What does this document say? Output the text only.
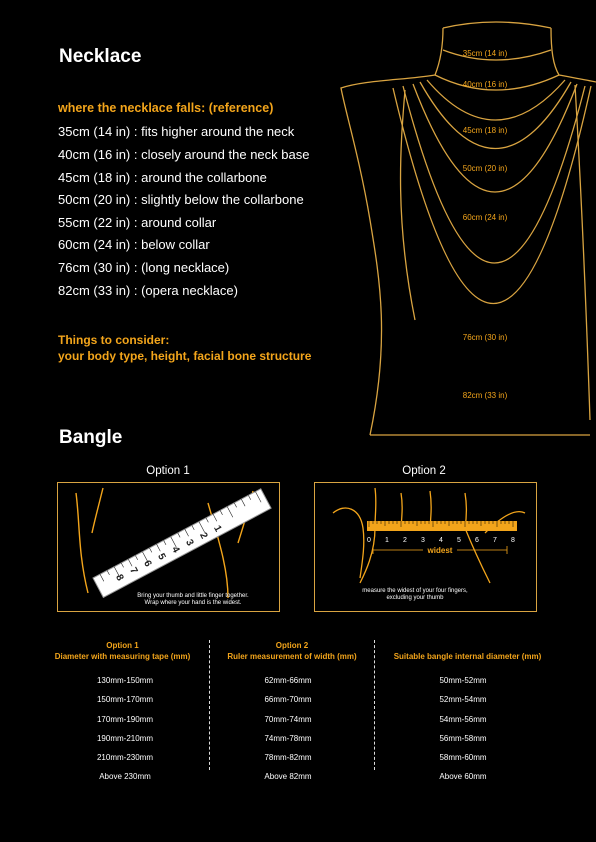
Necklace
where the necklace falls: (reference)
35cm (14 in) : fits higher around the neck
40cm (16 in) : closely around the neck base
45cm (18 in) : around the collarbone
50cm (20 in) : slightly below the collarbone
55cm (22 in) : around collar
60cm (24 in) : below collar
76cm (30 in) : (long necklace)
82cm (33 in) : (opera necklace)
Things to consider:
your body type, height, facial bone structure
35cm (14 in)
40cm (16 in)
45cm (18 in)
50cm (20 in)
60cm (24 in)
76cm (30 in)
82cm (33 in)
Bangle
Option 1	Option 2
1
2
3
4
5
6
7
8
Bring your thumb and little finger together.
Wrap where your hand is the widest.
widest
0 1 2 3 4 5 6 7 8
measure the widest of your four fingers,
excluding your thumb
Option 1
Diameter with measuring tape (mm)
Option 2
Ruler measurement of width (mm)	Suitable bangle internal diameter (mm)
130mm-150mm
150mm-170mm
170mm-190mm
190mm-210mm
210mm-230mm
Above 230mm
62mm-66mm
66mm-70mm
70mm-74mm
74mm-78mm
78mm-82mm
Above 82mm
50mm-52mm
52mm-54mm
54mm-56mm
56mm-58mm
58mm-60mm
Above 60mm
